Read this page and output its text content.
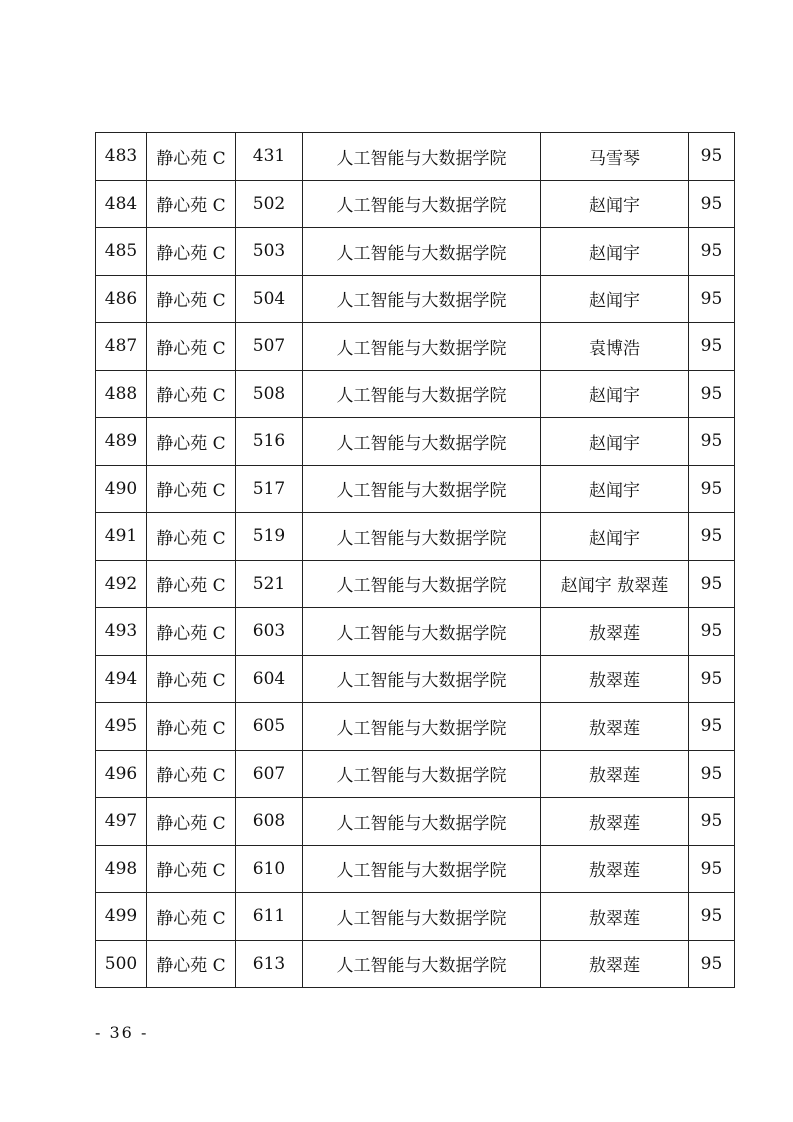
483	静心苑 C	431	人工智能与大数据学院	马雪琴	95
484	静心苑 C	502	人工智能与大数据学院	赵闻宇	95
485	静心苑 C	503	人工智能与大数据学院	赵闻宇	95
486	静心苑 C	504	人工智能与大数据学院	赵闻宇	95
487	静心苑 C	507	人工智能与大数据学院	袁博浩	95
488	静心苑 C	508	人工智能与大数据学院	赵闻宇	95
489	静心苑 C	516	人工智能与大数据学院	赵闻宇	95
490	静心苑 C	517	人工智能与大数据学院	赵闻宇	95
491	静心苑 C	519	人工智能与大数据学院	赵闻宇	95
492	静心苑 C	521	人工智能与大数据学院	赵闻宇 敖翠莲	95
493	静心苑 C	603	人工智能与大数据学院	敖翠莲	95
494	静心苑 C	604	人工智能与大数据学院	敖翠莲	95
495	静心苑 C	605	人工智能与大数据学院	敖翠莲	95
496	静心苑 C	607	人工智能与大数据学院	敖翠莲	95
497	静心苑 C	608	人工智能与大数据学院	敖翠莲	95
498	静心苑 C	610	人工智能与大数据学院	敖翠莲	95
499	静心苑 C	611	人工智能与大数据学院	敖翠莲	95
500	静心苑 C	613	人工智能与大数据学院	敖翠莲	95
- 36 -
